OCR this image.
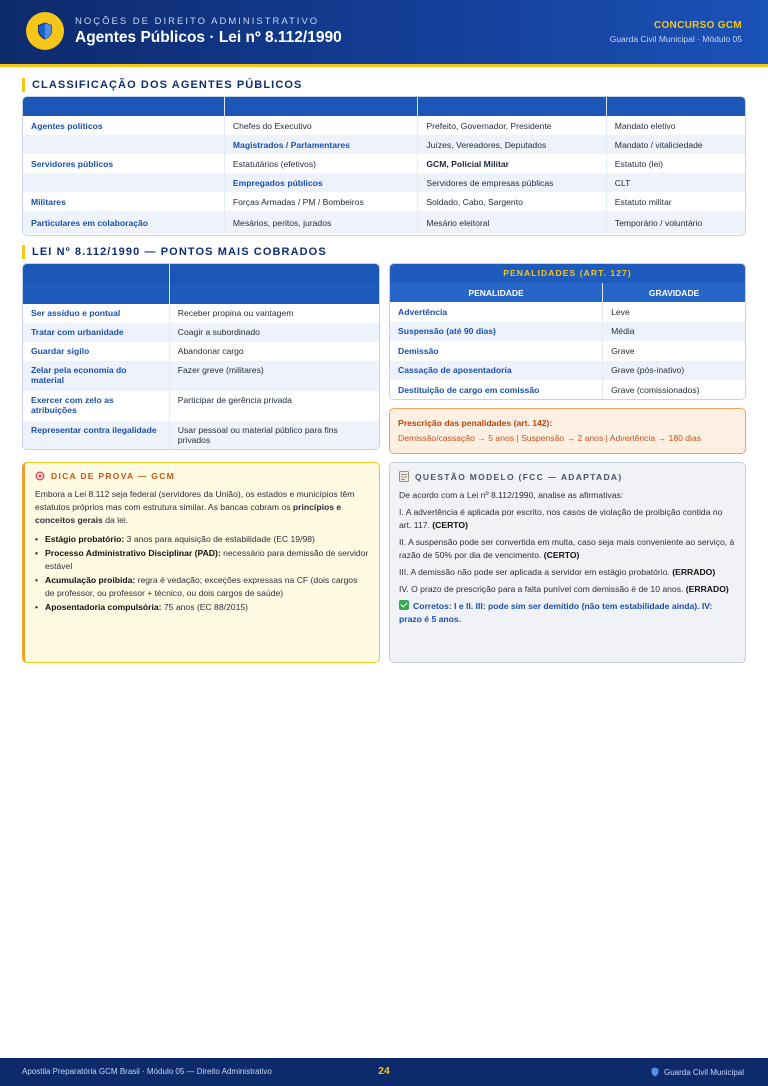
NOÇÕES DE DIREITO ADMINISTRATIVO
Agentes Públicos · Lei nº 8.112/1990
CONCURSO GCM
Guarda Civil Municipal · Módulo 05
CLASSIFICAÇÃO DOS AGENTES PÚBLICOS

Agentes políticos	Chefes do Executivo	Prefeito, Governador, Presidente	Mandato eletivo
	Magistrados / Parlamentares	Juízes, Vereadores, Deputados	Mandato / vitaliciedade
Servidores públicos	Estatutários (efetivos)	GCM, Policial Militar	Estatuto (lei)
	Empregados públicos	Servidores de empresas públicas	CLT
Militares	Forças Armadas / PM / Bombeiros	Soldado, Cabo, Sargento	Estatuto militar
Particulares em colaboração	Mesários, peritos, jurados	Mesário eleitoral	Temporário / voluntário
LEI Nº 8.112/1990 — PONTOS MAIS COBRADOS

Ser assíduo e pontual	Receber propina ou vantagem
Tratar com urbanidade	Coagir a subordinado
Guardar sigilo	Abandonar cargo
Zelar pela economia do material	Fazer greve (militares)
Exercer com zelo as atribuições	Participar de gerência privada
Representar contra ilegalidade	Usar pessoal ou material público para fins privados
PENALIDADES (ART. 127)
PENALIDADE	GRAVIDADE
Advertência	Leve
Suspensão (até 90 dias)	Média
Demissão	Grave
Cassação de aposentadoria	Grave (pós-inativo)
Destituição de cargo em comissão	Grave (comissionados)
Prescrição das penalidades (art. 142):
Demissão/cassação → 5 anos | Suspensão → 2 anos | Advertência → 180 dias
DICA DE PROVA — GCM

Embora a Lei 8.112 seja federal (servidores da União), os estados e municípios têm estatutos próprios mas com estrutura similar. As bancas cobram os princípios e conceitos gerais da lei.

• Estágio probatório: 3 anos para aquisição de estabilidade (EC 19/98)
• Processo Administrativo Disciplinar (PAD): necessário para demissão de servidor estável
• Acumulação proibida: regra é vedação; exceções expressas na CF (dois cargos de professor, ou professor + técnico, ou dois cargos de saúde)
• Aposentadoria compulsória: 75 anos (EC 88/2015)
QUESTÃO MODELO (FCC — ADAPTADA)

De acordo com a Lei nº 8.112/1990, analise as afirmativas:

I. A advertência é aplicada por escrito, nos casos de violação de proibição contida no art. 117. (CERTO)

II. A suspensão pode ser convertida em multa, caso seja mais conveniente ao serviço, à razão de 50% por dia de vencimento. (CERTO)

III. A demissão não pode ser aplicada a servidor em estágio probatório. (ERRADO)

IV. O prazo de prescrição para a falta punível com demissão é de 10 anos. (ERRADO)

Corretos: I e II. III: pode sim ser demitido (não tem estabilidade ainda). IV: prazo é 5 anos.

Apostila Preparatória GCM Brasil · Módulo 05 — Direito Administrativo	24	Guarda Civil Municipal
